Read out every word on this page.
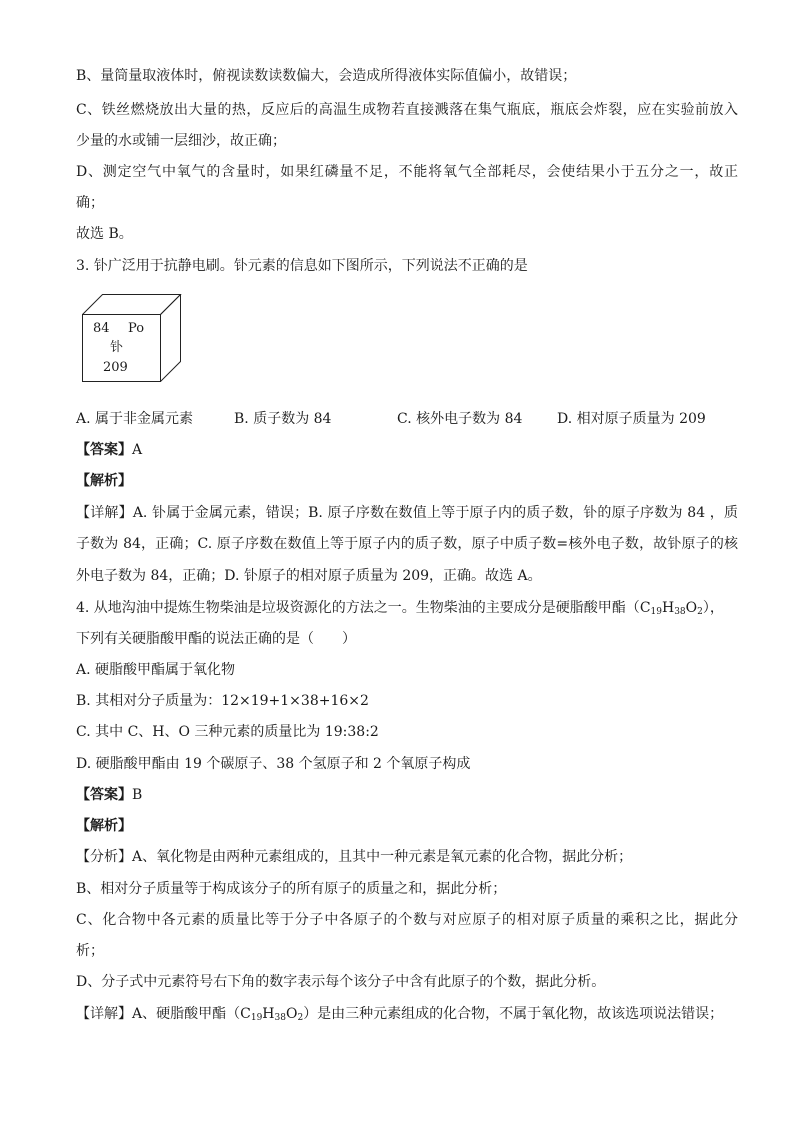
B、量筒量取液体时，俯视读数读数偏大，会造成所得液体实际值偏小，故错误；
C、铁丝燃烧放出大量的热，反应后的高温生成物若直接溅落在集气瓶底，瓶底会炸裂，应在实验前放入
少量的水或铺一层细沙，故正确；
D、测定空气中氧气的含量时，如果红磷量不足，不能将氧气全部耗尽，会使结果小于五分之一，故正
确；
故选 B。
3. 钋广泛用于抗静电刷。钋元素的信息如下图所示，下列说法不正确的是
84 Po
钋
209
A. 属于非金属元素	B. 质子数为 84	C. 核外电子数为 84 D. 相对原子质量为 209
【答案】A
【解析】
【详解】A. 钋属于金属元素，错误；B. 原子序数在数值上等于原子内的质子数，钋的原子序数为 84 ，质
子数为 84，正确；C. 原子序数在数值上等于原子内的质子数，原子中质子数=核外电子数，故钋原子的核
外电子数为 84，正确；D. 钋原子的相对原子质量为 209，正确。故选 A。
4. 从地沟油中提炼生物柴油是垃圾资源化的方法之一。生物柴油的主要成分是硬脂酸甲酯$(C_{19}H_{38}O_2)$，
下列有关硬脂酸甲酯的说法正确的是（　　）
A. 硬脂酸甲酯属于氧化物
B. 其相对分子质量为：12×19+1×38+16×2
C. 其中 C、H、O 三种元素的质量比为 19:38:2
D. 硬脂酸甲酯由 19 个碳原子、38 个氢原子和 2 个氧原子构成
【答案】B
【解析】
【分析】A、氧化物是由两种元素组成的，且其中一种元素是氧元素的化合物，据此分析；
B、相对分子质量等于构成该分子的所有原子的质量之和，据此分析；
C、化合物中各元素的质量比等于分子中各原子的个数与对应原子的相对原子质量的乘积之比，据此分
析；
D、分子式中元素符号右下角的数字表示每个该分子中含有此原子的个数，据此分析。
【详解】A、硬脂酸甲酯$(C_{19}H_{38}O_2)$是由三种元素组成的化合物，不属于氧化物，故该选项说法错误；
